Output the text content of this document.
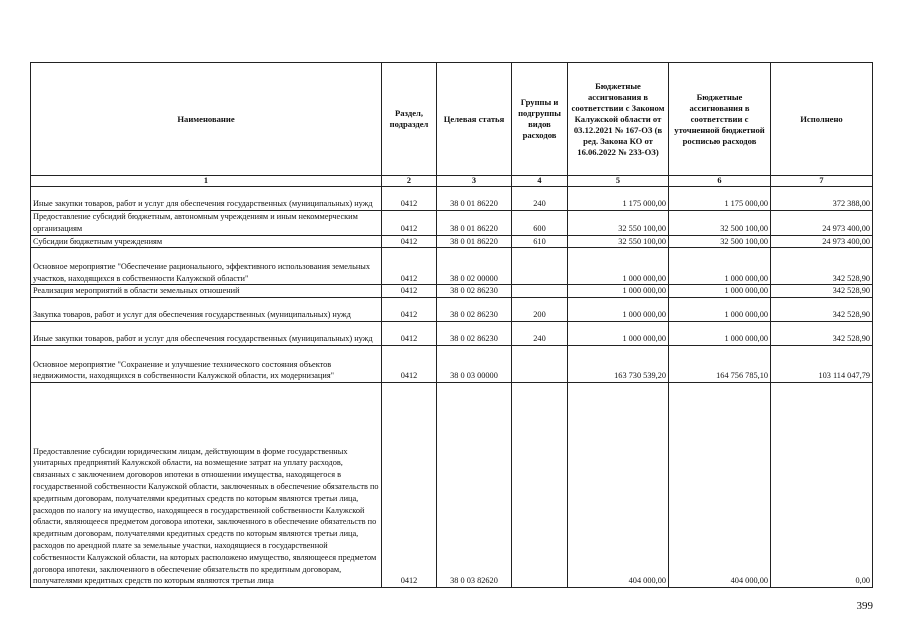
Наименование	Раздел, подраздел	Целевая статья	Группы и подгруппы видов расходов	Бюджетные ассигнования в соответствии с Законом Калужской области от 03.12.2021 № 167-ОЗ (в ред. Закона КО от 16.06.2022 № 233-ОЗ)	Бюджетные ассигнования в соответствии с уточненной бюджетной росписью расходов	Исполнено
1	2	3	4	5	6	7
Иные закупки товаров, работ и услуг для обеспечения государственных (муниципальных) нужд	0412	38 0 01 86220	240	1 175 000,00	1 175 000,00	372 388,00
Предоставление субсидий бюджетным, автономным учреждениям и иным некоммерческим организациям	0412	38 0 01 86220	600	32 550 100,00	32 500 100,00	24 973 400,00
Субсидии бюджетным учреждениям	0412	38 0 01 86220	610	32 550 100,00	32 500 100,00	24 973 400,00
Основное мероприятие "Обеспечение рационального, эффективного использования земельных участков, находящихся в собственности Калужской области"	0412	38 0 02 00000		1 000 000,00	1 000 000,00	342 528,90
Реализация мероприятий в области земельных отношений	0412	38 0 02 86230		1 000 000,00	1 000 000,00	342 528,90
Закупка товаров, работ и услуг для обеспечения государственных (муниципальных) нужд	0412	38 0 02 86230	200	1 000 000,00	1 000 000,00	342 528,90
Иные закупки товаров, работ и услуг для обеспечения государственных (муниципальных) нужд	0412	38 0 02 86230	240	1 000 000,00	1 000 000,00	342 528,90
Основное мероприятие "Сохранение и улучшение технического состояния объектов недвижимости, находящихся в собственности Калужской области, их модернизация"	0412	38 0 03 00000		163 730 539,20	164 756 785,10	103 114 047,79
Предоставление субсидии юридическим лицам, действующим в форме государственных унитарных предприятий Калужской области, на возмещение затрат на уплату расходов, связанных с заключением договоров ипотеки в отношении имущества, находящегося в государственной собственности Калужской области, заключенных в обеспечение обязательств по кредитным договорам, получателями кредитных средств по которым являются третьи лица, расходов по налогу на имущество, находящееся в государственной собственности Калужской области, являющееся предметом договора ипотеки, заключенного в обеспечение обязательств по кредитным договорам, получателями кредитных средств по которым являются третьи лица, расходов по арендной плате за земельные участки, находящиеся в государственной собственности Калужской области, на которых расположено имущество, являющееся предметом договора ипотеки, заключенного в обеспечение обязательств по кредитным договорам, получателями кредитных средств по которым являются третьи лица	0412	38 0 03 82620		404 000,00	404 000,00	0,00
399
